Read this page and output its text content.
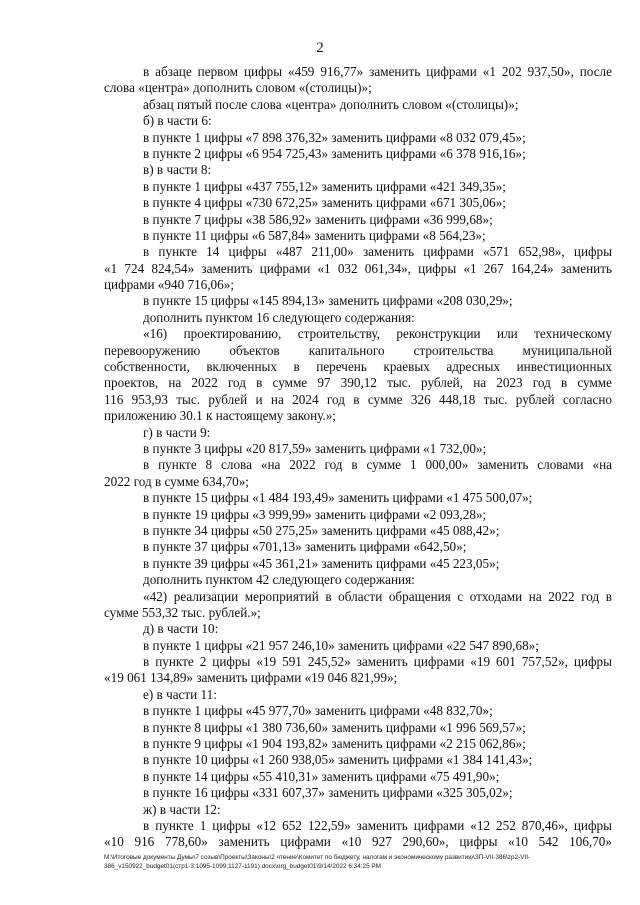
2

в абзаце первом цифры «459 916,77» заменить цифрами «1 202 937,50», после

слова «центра» дополнить словом «(столицы)»;

абзац пятый после слова «центра» дополнить словом «(столицы)»;

б) в части 6:

в пункте 1 цифры «7 898 376,32» заменить цифрами «8 032 079,45»;

в пункте 2 цифры «6 954 725,43» заменить цифрами «6 378 916,16»;

в) в части 8:

в пункте 1 цифры «437 755,12» заменить цифрами «421 349,35»;

в пункте 4 цифры «730 672,25» заменить цифрами «671 305,06»;

в пункте 7 цифры «38 586,92» заменить цифрами «36 999,68»;

в пункте 11 цифры «6 587,84» заменить цифрами «8 564,23»;

в пункте 14 цифры «487 211,00» заменить цифрами «571 652,98», цифры

«1 724 824,54» заменить цифрами «1 032 061,34», цифры «1 267 164,24» заменить

цифрами «940 716,06»;

в пункте 15 цифры «145 894,13» заменить цифрами «208 030,29»;

дополнить пунктом 16 следующего содержания:

«16) проектированию, строительству, реконструкции или техническому

перевооружению объектов капитального строительства муниципальной

собственности, включенных в перечень краевых адресных инвестиционных

проектов, на 2022 год в сумме 97 390,12 тыс. рублей, на 2023 год в сумме

116 953,93 тыс. рублей и на 2024 год в сумме 326 448,18 тыс. рублей согласно

приложению 30.1 к настоящему закону.»;

г) в части 9:

в пункте 3 цифры «20 817,59» заменить цифрами «1 732,00»;

в пункте 8 слова «на 2022 год в сумме 1 000,00» заменить словами «на

2022 год в сумме 634,70»;

в пункте 15 цифры «1 484 193,49» заменить цифрами «1 475 500,07»;

в пункте 19 цифры «3 999,99» заменить цифрами «2 093,28»;

в пункте 34 цифры «50 275,25» заменить цифрами «45 088,42»;

в пункте 37 цифры «701,13» заменить цифрами «642,50»;

в пункте 39 цифры «45 361,21» заменить цифрами «45 223,05»;

дополнить пунктом 42 следующего содержания:

«42) реализации мероприятий в области обращения с отходами на 2022 год в

сумме 553,32 тыс. рублей.»;

д) в части 10:

в пункте 1 цифры «21 957 246,10» заменить цифрами «22 547 890,68»;

в пункте 2 цифры «19 591 245,52» заменить цифрами «19 601 757,52», цифры

«19 061 134,89» заменить цифрами «19 046 821,99»;

е) в части 11:

в пункте 1 цифры «45 977,70» заменить цифрами «48 832,70»;

в пункте 8 цифры «1 380 736,60» заменить цифрами «1 996 569,57»;

в пункте 9 цифры «1 904 193,82» заменить цифрами «2 215 062,86»;

в пункте 10 цифры «1 260 938,05» заменить цифрами «1 384 141,43»;

в пункте 14 цифры «55 410,31» заменить цифрами «75 491,90»;

в пункте 16 цифры «331 607,37» заменить цифрами «325 305,02»;

ж) в части 12:

в пункте 1 цифры «12 652 122,59» заменить цифрами «12 252 870,46», цифры

«10 916 778,60» заменить цифрами «10 927 290,60», цифры «10 542 106,70»

M:\Итоговые документы Думы\7 созыв\Проекты\Законы\2 чтение\Комитет по бюджету, налогам и экономическому развитию\ЗП-VII-386\zp2-VII-
386_v150922_budget01(стр1-3;1095-1099;1127-1191).docx\org_budget01\9/14/2022 6:34:25 PM
